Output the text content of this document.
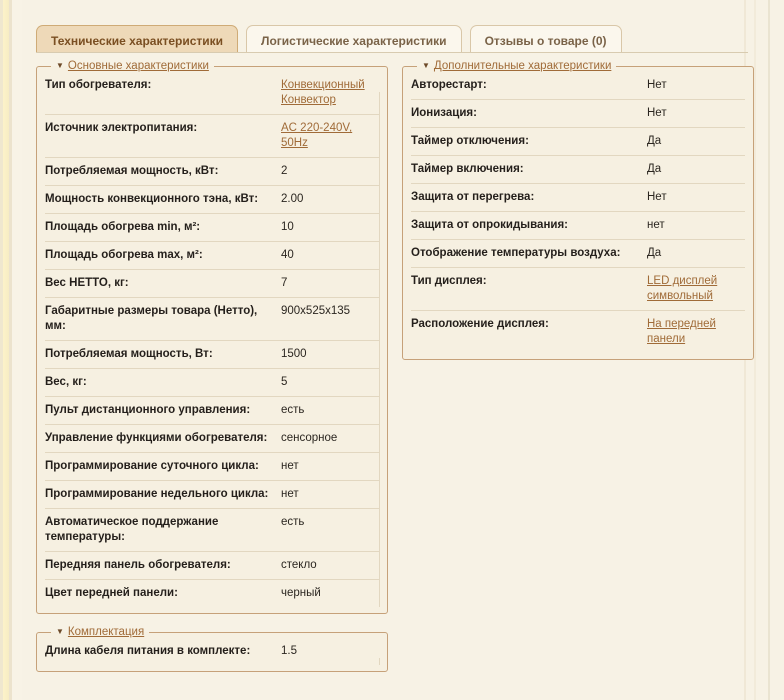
Технические характеристики	Логистические характеристики	Отзывы о товаре (0)
▼ Основные характеристики
Тип обогревателя:	Конвекционный Конвектор
Источник электропитания:	AC 220-240V, 50Hz
Потребляемая мощность, кВт:	2
Мощность конвекционного тэна, кВт:	2.00
Площадь обогрева min, м²:	10
Площадь обогрева max, м²:	40
Вес НЕТТО, кг:	7
Габаритные размеры товара (Нетто), мм:	900x525x135
Потребляемая мощность, Вт:	1500
Вес, кг:	5
Пульт дистанционного управления:	есть
Управление функциями обогревателя:	сенсорное
Программирование суточного цикла:	нет
Программирование недельного цикла:	нет
Автоматическое поддержание температуры:	есть
Передняя панель обогревателя:	стекло
Цвет передней панели:	черный
▼ Комплектация
Длина кабеля питания в комплекте:	1.5
▼ Дополнительные характеристики
Авторестарт:	Нет
Ионизация:	Нет
Таймер отключения:	Да
Таймер включения:	Да
Защита от перегрева:	Нет
Защита от опрокидывания:	нет
Отображение температуры воздуха:	Да
Тип дисплея:	LED дисплей символьный
Расположение дисплея:	На передней панели
